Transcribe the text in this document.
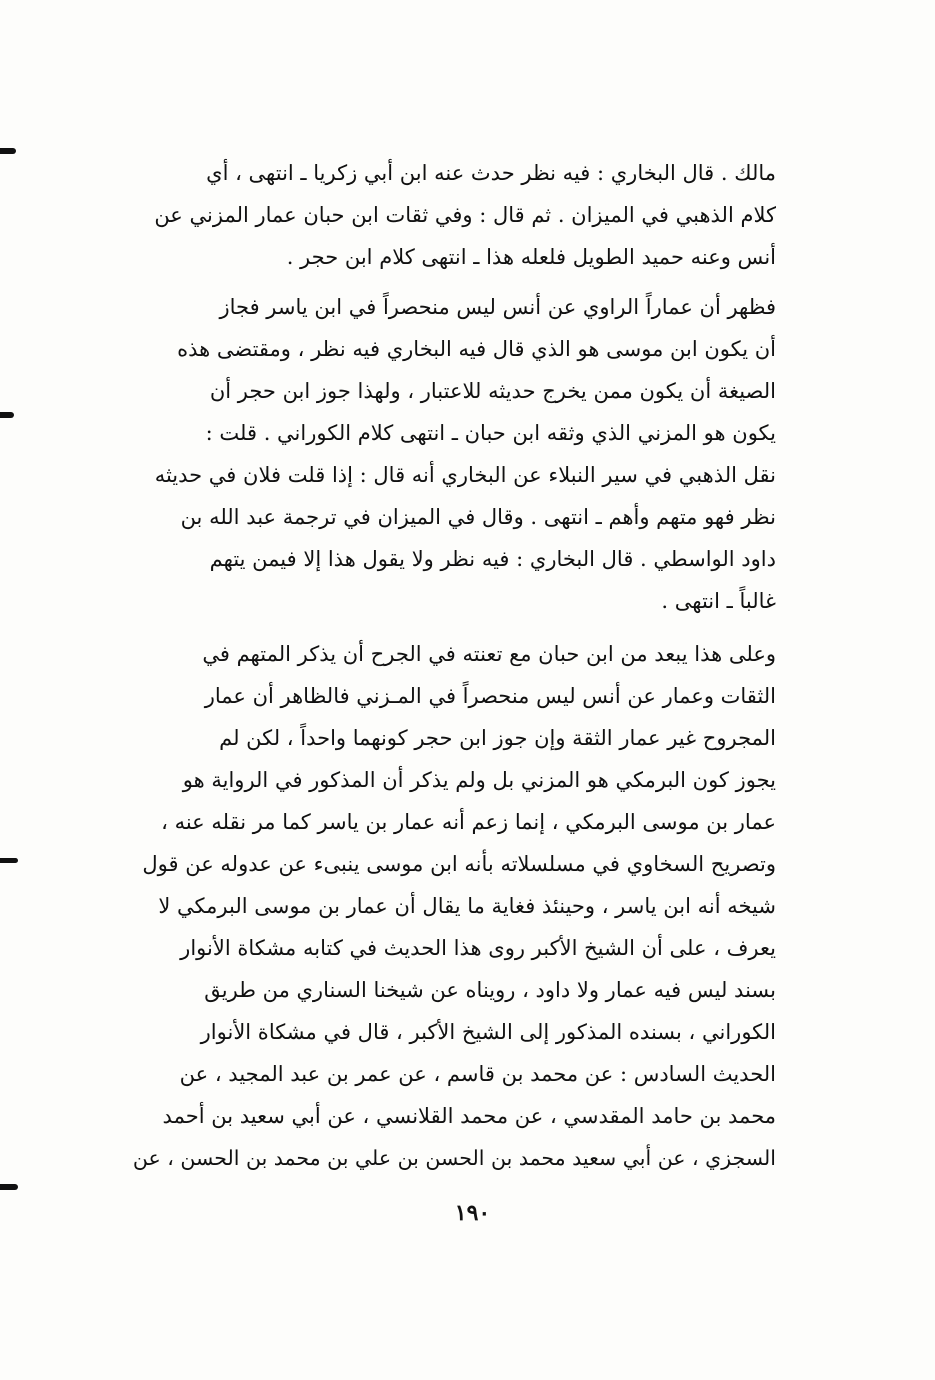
مالك . قال البخاري : فيه نظر حدث عنه ابن أبي زكريا ـ انتهى ، أي
كلام الذهبي في الميزان . ثم قال : وفي ثقات ابن حبان عمار المزني عن
أنس وعنه حميد الطويل فلعله هذا ـ انتهى كلام ابن حجر .
فظهر أن عماراً الراوي عن أنس ليس منحصراً في ابن ياسر فجاز
أن يكون ابن موسى هو الذي قال فيه البخاري فيه نظر ، ومقتضى هذه
الصيغة أن يكون ممن يخرج حديثه للاعتبار ، ولهذا جوز ابن حجر أن
يكون هو المزني الذي وثقه ابن حبان ـ انتهى كلام الكوراني . قلت :
نقل الذهبي في سير النبلاء عن البخاري أنه قال : إذا قلت فلان في حديثه
نظر فهو متهم وأهم ـ انتهى . وقال في الميزان في ترجمة عبد الله بن
داود الواسطي . قال البخاري : فيه نظر ولا يقول هذا إلا فيمن يتهم
غالباً ـ انتهى .
وعلى هذا يبعد من ابن حبان مع تعنته في الجرح أن يذكر المتهم في
الثقات وعمار عن أنس ليس منحصراً في المـزني فالظاهر أن عمار
المجروح غير عمار الثقة وإن جوز ابن حجر كونهما واحداً ، لكن لم
يجوز كون البرمكي هو المزني بل ولم يذكر أن المذكور في الرواية هو
عمار بن موسى البرمكي ، إنما زعم أنه عمار بن ياسر كما مر نقله عنه ،
وتصريح السخاوي في مسلسلاته بأنه ابن موسى ينبىء عن عدوله عن قول
شيخه أنه ابن ياسر ، وحينئذ فغاية ما يقال أن عمار بن موسى البرمكي لا
يعرف ، على أن الشيخ الأكبر روى هذا الحديث في كتابه مشكاة الأنوار
بسند ليس فيه عمار ولا داود ، رويناه عن شيخنا السناري من طريق
الكوراني ، بسنده المذكور إلى الشيخ الأكبر ، قال في مشكاة الأنوار
الحديث السادس : عن محمد بن قاسم ، عن عمر بن عبد المجيد ، عن
محمد بن حامد المقدسي ، عن محمد القلانسي ، عن أبي سعيد بن أحمد
السجزي ، عن أبي سعيد محمد بن الحسن بن علي بن محمد بن الحسن ، عن
١٩٠
